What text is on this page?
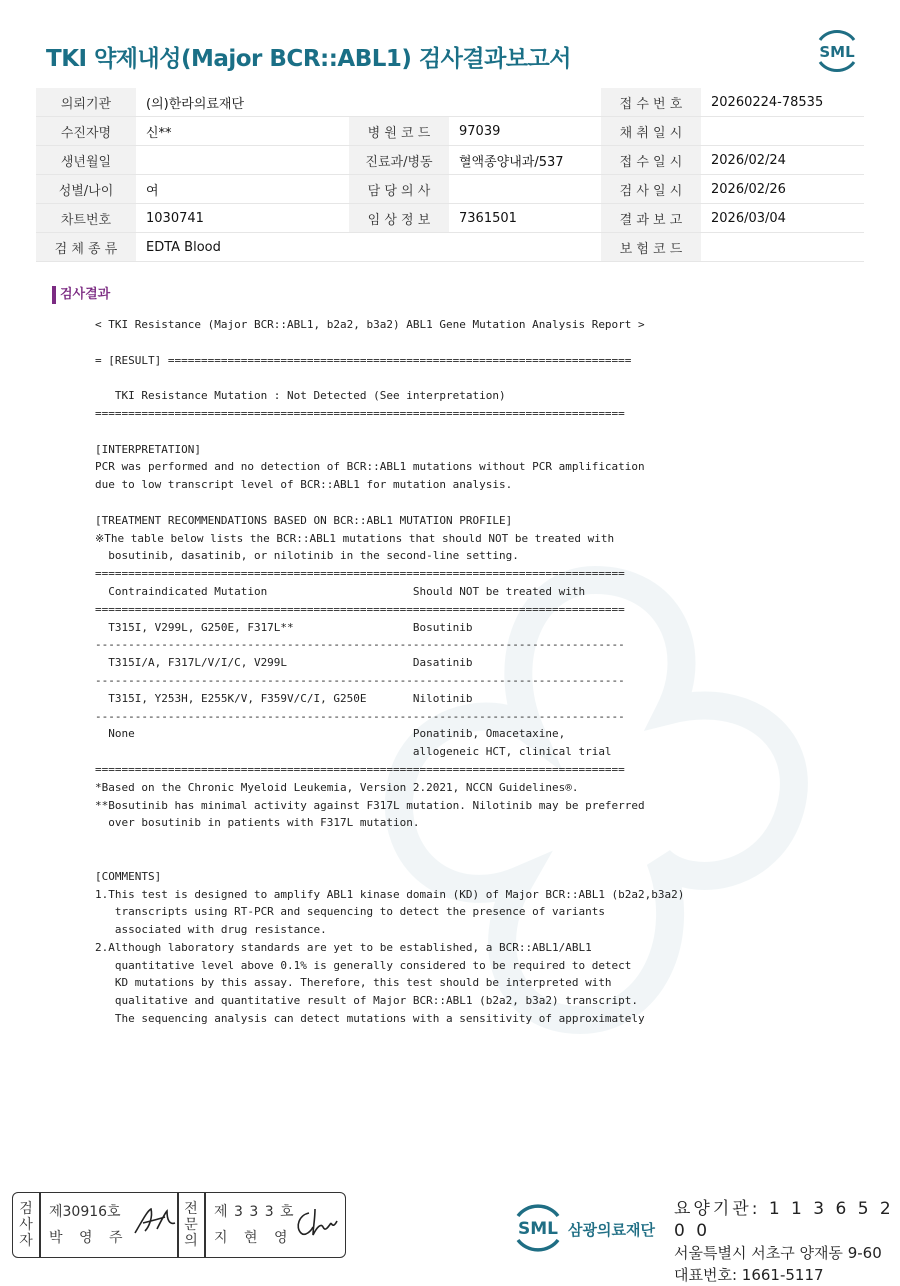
TKI 약제내성(Major BCR::ABL1) 검사결과보고서	SML
의뢰기관	(의)한라의료재단			접 수 번 호	20260224-78535
수진자명	신**	병 원 코 드	97039	채 취 일 시	
생년월일		진료과/병동	혈액종양내과/537	접 수 일 시	2026/02/24
성별/나이	여	담 당 의 사		검 사 일 시	2026/02/26
차트번호	1030741	임 상 정 보	7361501	결 과 보 고	2026/03/04
검 체 종 류	EDTA Blood			보 험 코 드	
검사결과
< TKI Resistance (Major BCR::ABL1, b2a2, b3a2) ABL1 Gene Mutation Analysis Report >
= [RESULT] ======================================================================
TKI Resistance Mutation : Not Detected (See interpretation)
================================================================================
[INTERPRETATION]
PCR was performed and no detection of BCR::ABL1 mutations without PCR amplification
due to low transcript level of BCR::ABL1 for mutation analysis.
[TREATMENT RECOMMENDATIONS BASED ON BCR::ABL1 MUTATION PROFILE]
※The table below lists the BCR::ABL1 mutations that should NOT be treated with
bosutinib, dasatinib, or nilotinib in the second-line setting.
================================================================================
Contraindicated Mutation                      Should NOT be treated with
================================================================================
T315I, V299L, G250E, F317L**                  Bosutinib
--------------------------------------------------------------------------------
T315I/A, F317L/V/I/C, V299L                   Dasatinib
--------------------------------------------------------------------------------
T315I, Y253H, E255K/V, F359V/C/I, G250E       Nilotinib
--------------------------------------------------------------------------------
None                                          Ponatinib, Omacetaxine,
allogeneic HCT, clinical trial
================================================================================
*Based on the Chronic Myeloid Leukemia, Version 2.2021, NCCN Guidelines®.
**Bosutinib has minimal activity against F317L mutation. Nilotinib may be preferred
over bosutinib in patients with F317L mutation.
[COMMENTS]
1.This test is designed to amplify ABL1 kinase domain (KD) of Major BCR::ABL1 (b2a2,b3a2)
transcripts using RT-PCR and sequencing to detect the presence of variants
associated with drug resistance.
2.Although laboratory standards are yet to be established, a BCR::ABL1/ABL1
quantitative level above 0.1% is generally considered to be required to detect
KD mutations by this assay. Therefore, this test should be interpreted with
qualitative and quantitative result of Major BCR::ABL1 (b2a2, b3a2) transcript.
The sequencing analysis can detect mutations with a sensitivity of approximately
검
사
자
제30916호
박 영 주
전
문
의
제 3 3 3 호
지 현 영	SML 삼광의료재단
요양기관: 1 1 3 6 5 2 0 0
서울특별시 서초구 양재동 9-60
대표번호: 1661-5117
